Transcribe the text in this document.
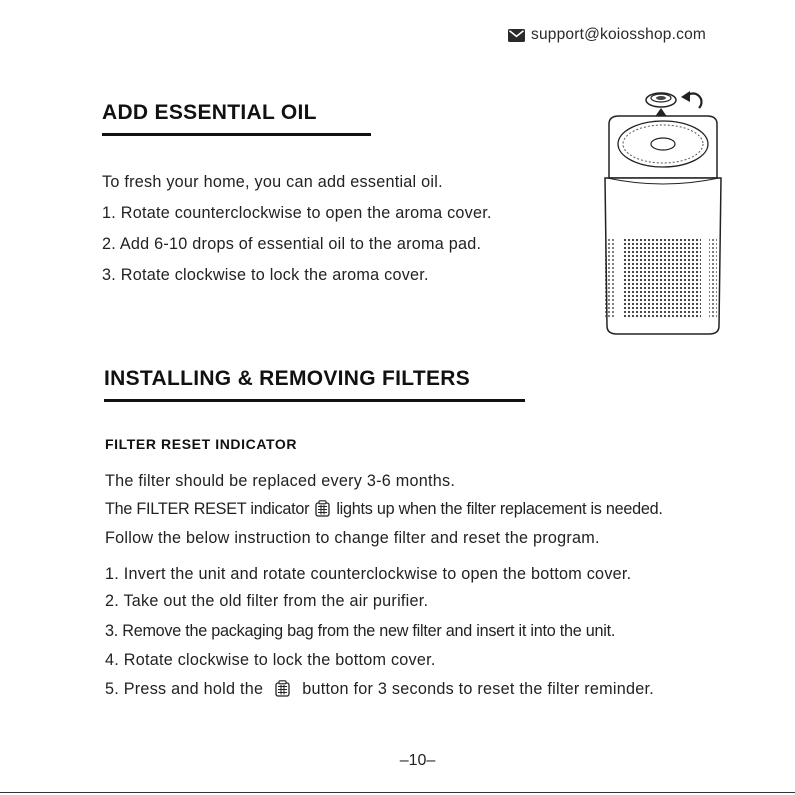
support@koiosshop.com
ADD ESSENTIAL OIL
To fresh your home, you can add essential oil.
1. Rotate counterclockwise to open the aroma cover.
2. Add 6-10 drops of essential oil to the aroma pad.
3. Rotate clockwise to lock the aroma cover.
INSTALLING & REMOVING FILTERS
FILTER RESET INDICATOR
The filter should be replaced every 3-6 months.
The FILTER RESET indicator lights up when the filter replacement is needed.
Follow the below instruction to change filter and reset the program.
1. Invert the unit and rotate counterclockwise to open the bottom cover.
2. Take out the old filter from the air purifier.
3. Remove the packaging bag from the new filter and insert it into the unit.
4. Rotate clockwise to lock the bottom cover.
5. Press and hold the button for 3 seconds to reset the filter reminder.
–10–
